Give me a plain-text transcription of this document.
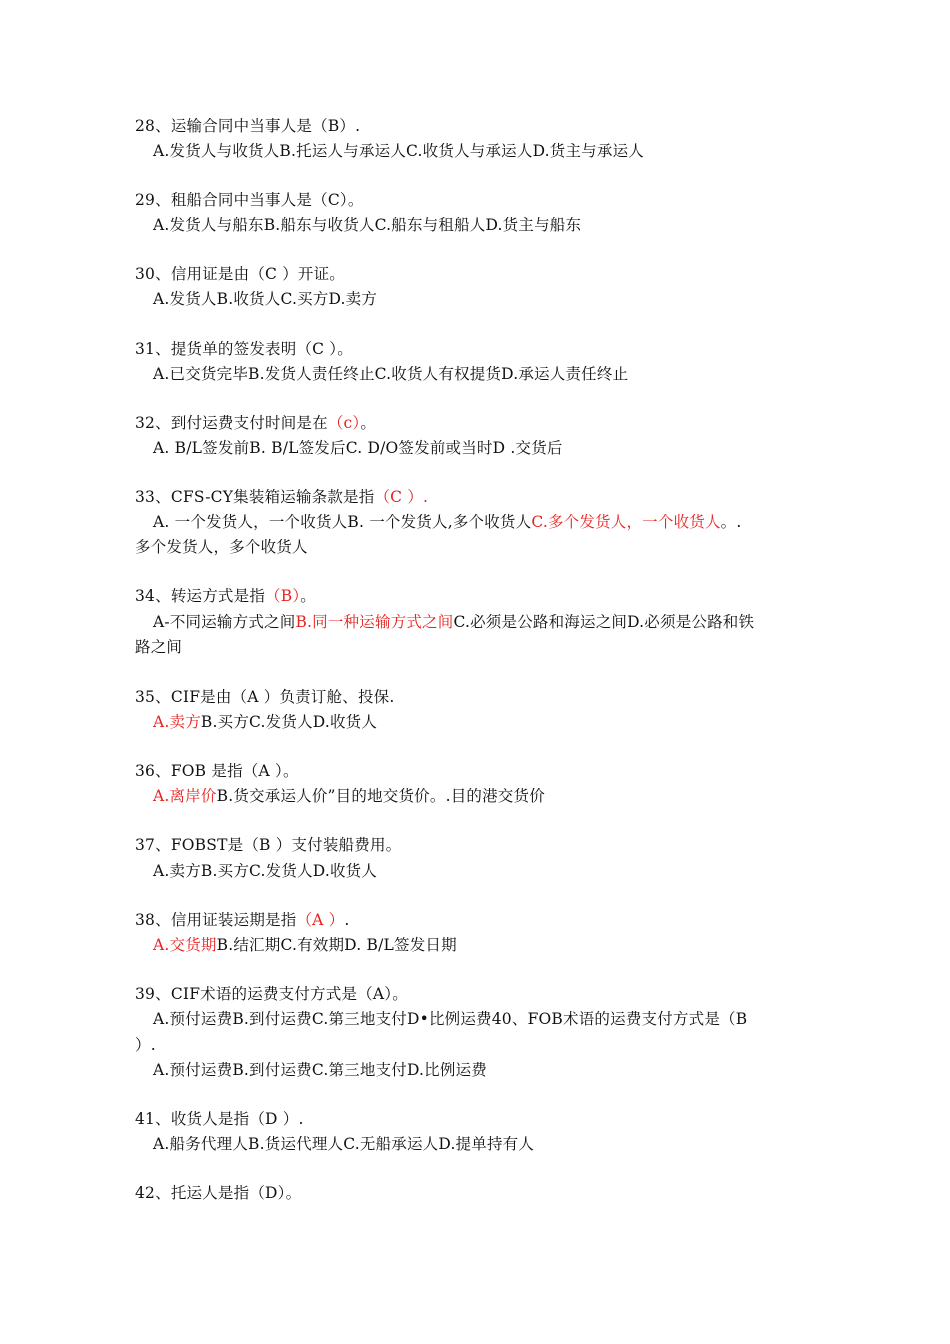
28、运输合同中当事人是（B）.
A.发货人与收货人B.托运人与承运人C.收货人与承运人D.货主与承运人
29、租船合同中当事人是（C）。
A.发货人与船东B.船东与收货人C.船东与租船人D.货主与船东
30、信用证是由（C ）开证。
A.发货人B.收货人C.买方D.卖方
31、提货单的签发表明（C ）。
A.已交货完毕B.发货人责任终止C.收货人有权提货D.承运人责任终止
32、到付运费支付时间是在（c）。
A. B/L签发前B. B/L签发后C. D/O签发前或当时D .交货后
33、CFS-CY集装箱运输条款是指（C ）.
A. 一个发货人，一个收货人B. 一个发货人,多个收货人C.多个发货人，一个收货人。.
多个发货人，多个收货人
34、转运方式是指（B）。
A-不同运输方式之间B.同一种运输方式之间C.必须是公路和海运之间D.必须是公路和铁
路之间
35、CIF是由（A ）负责订舱、投保.
A.卖方B.买方C.发货人D.收货人
36、FOB 是指（A ）。
A.离岸价B.货交承运人价”目的地交货价。.目的港交货价
37、FOBST是（B ）支付装船费用。
A.卖方B.买方C.发货人D.收货人
38、信用证装运期是指（A ）.
A.交货期B.结汇期C.有效期D. B/L签发日期
39、CIF术语的运费支付方式是（A）。
A.预付运费B.到付运费C.第三地支付D•比例运费40、FOB术语的运费支付方式是（B
）.
A.预付运费B.到付运费C.第三地支付D.比例运费
41、收货人是指（D ）.
A.船务代理人B.货运代理人C.无船承运人D.提单持有人
42、托运人是指（D）。
